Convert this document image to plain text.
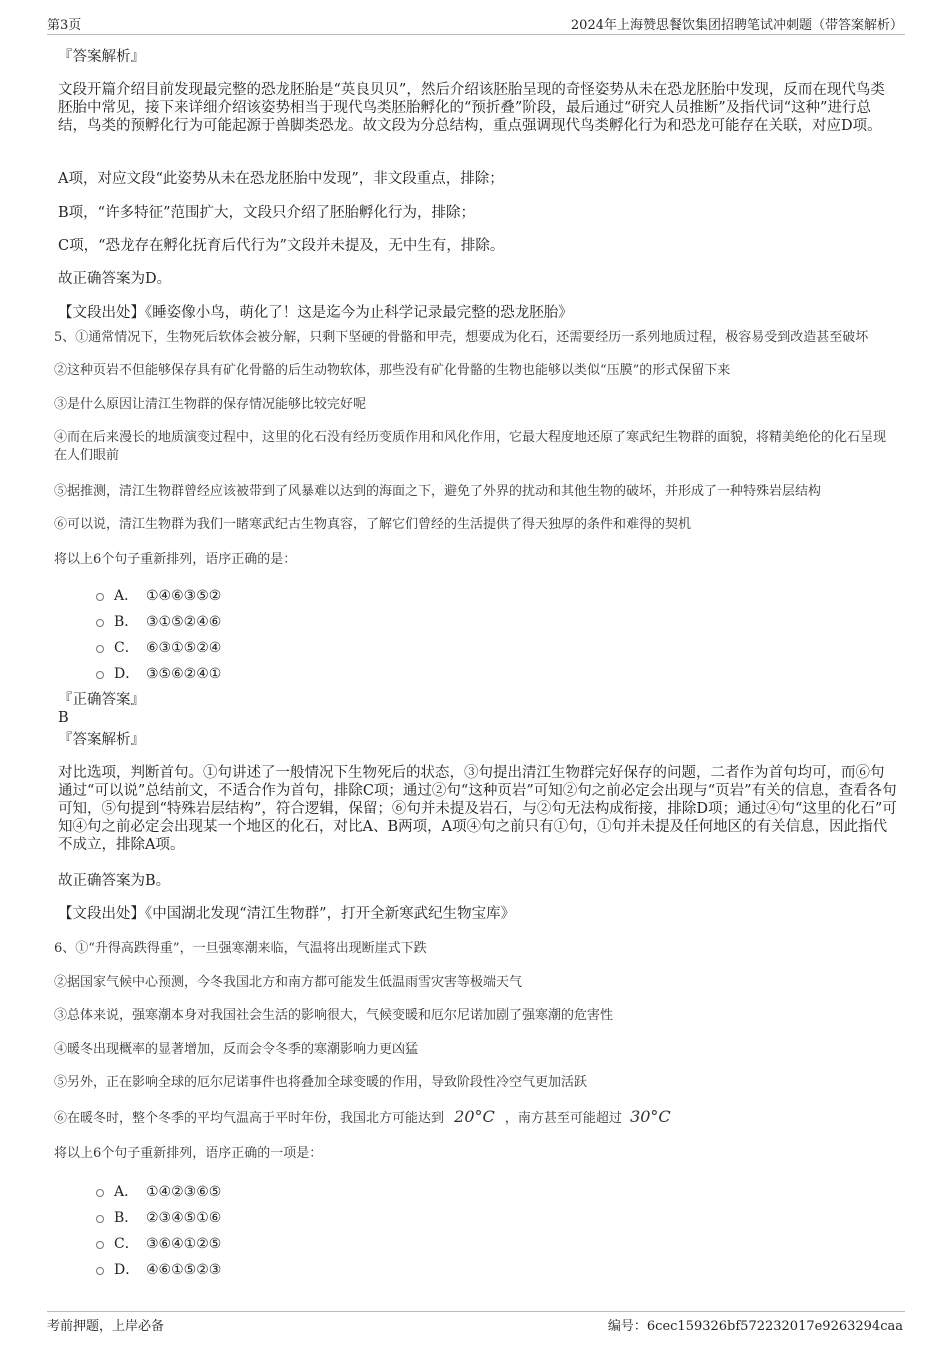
第3页	2024年上海赞思餐饮集团招聘笔试冲刺题（带答案解析）
『答案解析』
文段开篇介绍目前发现最完整的恐龙胚胎是“英良贝贝”，然后介绍该胚胎呈现的奇怪姿势从未在恐龙胚胎中发现，反而在现代鸟类胚胎中常见，接下来详细介绍该姿势相当于现代鸟类胚胎孵化的“预折叠”阶段，最后通过“研究人员推断”及指代词“这种”进行总结，鸟类的预孵化行为可能起源于兽脚类恐龙。故文段为分总结构，重点强调现代鸟类孵化行为和恐龙可能存在关联，对应D项。
A项，对应文段“此姿势从未在恐龙胚胎中发现”，非文段重点，排除；
B项，“许多特征”范围扩大，文段只介绍了胚胎孵化行为，排除；
C项，“恐龙存在孵化抚育后代行为”文段并未提及，无中生有，排除。
故正确答案为D。
【文段出处】《睡姿像小鸟，萌化了！这是迄今为止科学记录最完整的恐龙胚胎》
5、①通常情况下，生物死后软体会被分解，只剩下坚硬的骨骼和甲壳，想要成为化石，还需要经历一系列地质过程，极容易受到改造甚至破坏
②这种页岩不但能够保存具有矿化骨骼的后生动物软体，那些没有矿化骨骼的生物也能够以类似“压膜”的形式保留下来
③是什么原因让清江生物群的保存情况能够比较完好呢
④而在后来漫长的地质演变过程中，这里的化石没有经历变质作用和风化作用，它最大程度地还原了寒武纪生物群的面貌，将精美绝伦的化石呈现在人们眼前
⑤据推测，清江生物群曾经应该被带到了风暴难以达到的海面之下，避免了外界的扰动和其他生物的破坏，并形成了一种特殊岩层结构
⑥可以说，清江生物群为我们一睹寒武纪古生物真容，了解它们曾经的生活提供了得天独厚的条件和难得的契机
将以上6个句子重新排列，语序正确的是：
A． ①④⑥③⑤②
B． ③①⑤②④⑥
C． ⑥③①⑤②④
D． ③⑤⑥②④①
『正确答案』
B
『答案解析』
对比选项，判断首句。①句讲述了一般情况下生物死后的状态，③句提出清江生物群完好保存的问题，二者作为首句均可，而⑥句通过“可以说”总结前文，不适合作为首句，排除C项；通过②句“这种页岩”可知②句之前必定会出现与“页岩”有关的信息，查看各句可知，⑤句提到“特殊岩层结构”，符合逻辑，保留；⑥句并未提及岩石，与②句无法构成衔接，排除D项；通过④句“这里的化石”可知④句之前必定会出现某一个地区的化石，对比A、B两项，A项④句之前只有①句，①句并未提及任何地区的有关信息，因此指代不成立，排除A项。
故正确答案为B。
【文段出处】《中国湖北发现“清江生物群”，打开全新寒武纪生物宝库》
6、①“升得高跌得重”，一旦强寒潮来临，气温将出现断崖式下跌
②据国家气候中心预测，今冬我国北方和南方都可能发生低温雨雪灾害等极端天气
③总体来说，强寒潮本身对我国社会生活的影响很大，气候变暖和厄尔尼诺加剧了强寒潮的危害性
④暖冬出现概率的显著增加，反而会令冬季的寒潮影响力更凶猛
⑤另外，正在影响全球的厄尔尼诺事件也将叠加全球变暖的作用，导致阶段性冷空气更加活跃
⑥在暖冬时，整个冬季的平均气温高于平时年份，我国北方可能达到 20°C ，南方甚至可能超过 30°C
将以上6个句子重新排列，语序正确的一项是：
A． ①④②③⑥⑤
B． ②③④⑤①⑥
C． ③⑥④①②⑤
D． ④⑥①⑤②③
考前押题，上岸必备	编号：6cec159326bf572232017e9263294caa
